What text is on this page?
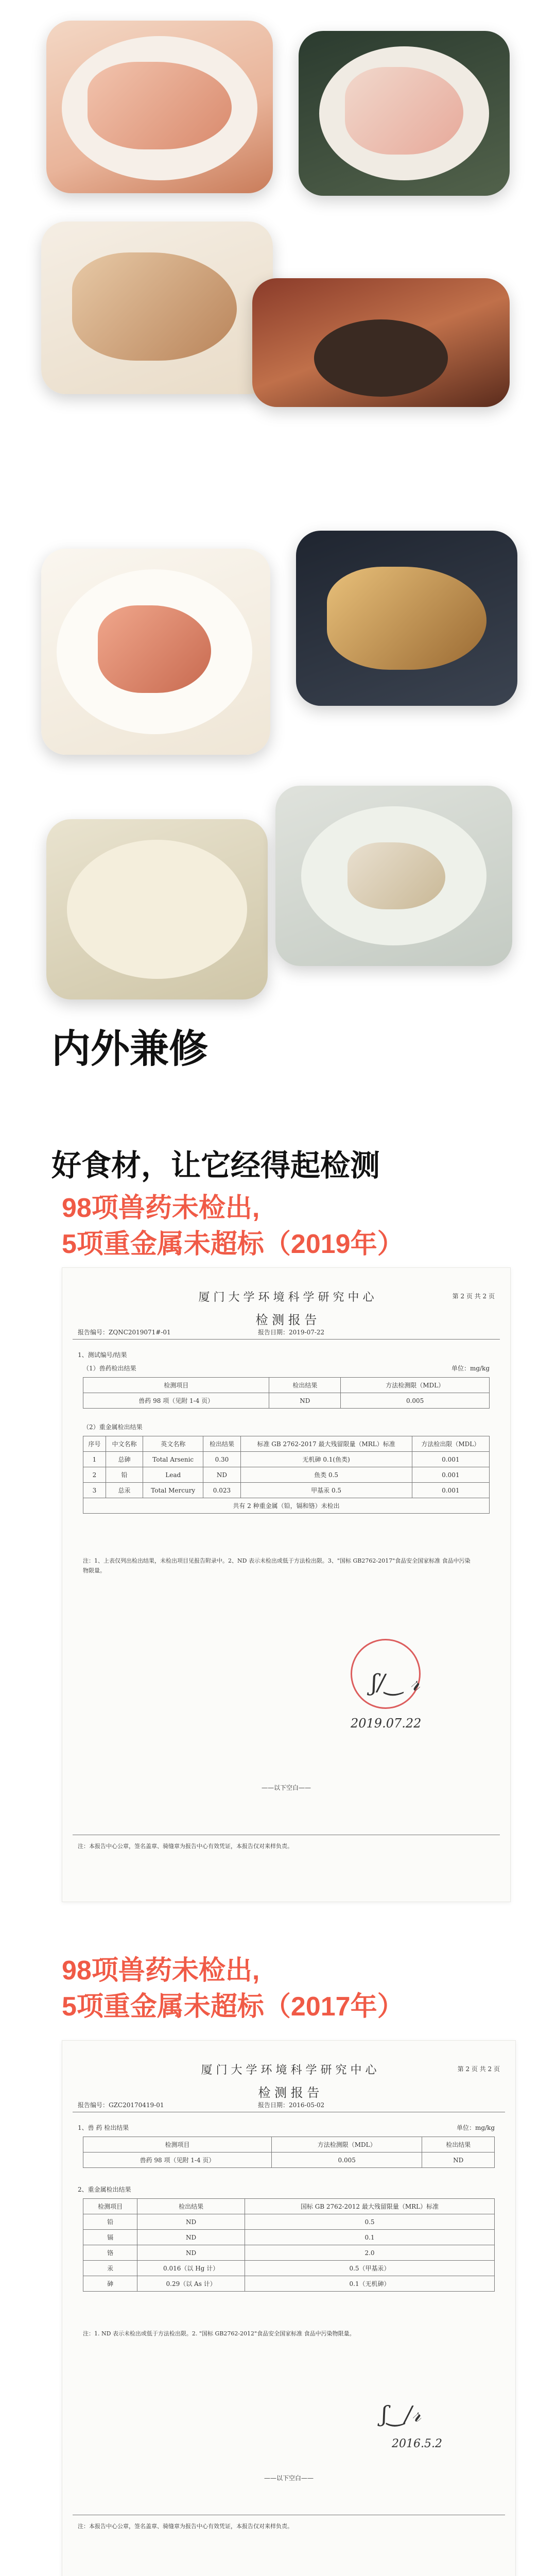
内外兼修
好食材，让它经得起检测
98项兽药未检出,
5项重金属未超标（2019年）
厦 门 大 学 环 境 科 学 研 究 中 心
检 测 报 告
第 2 页 共 2 页
报告编号：ZQNC2019071#-01	报告日期：2019-07-22
1、测试编号/结果
（1）兽药检出结果	单位：mg/kg
检测项目	检出结果	方法检测限（MDL）
兽药 98 项（见附 1-4 页）	ND	0.005
（2）重金属检出结果
序号	中文名称	英文名称	检出结果	标准 GB 2762-2017 最大残留限量（MRL）标准	方法检出限（MDL）
1	总砷	Total Arsenic	0.30	无机砷 0.1(鱼类)	0.001
2	铅	Lead	ND	鱼类 0.5	0.001
3	总汞	Total Mercury	0.023	甲基汞 0.5	0.001
共有 2 种重金属（铅，镉和铬）未检出					
注：1、上表仅列出检出结果，未检出项目见报告附录中。2、ND 表示未检出或低于方法检出限。3、"国标 GB2762-2017"食品安全国家标准 食品中污染物限量。
ʃ/‿ 𝓇
2019.07.22
——以下空白——
注：本报告中心公章，签名盖章、骑缝章为报告中心有效凭证，本报告仅对来样负责。
98项兽药未检出,
5项重金属未超标（2017年）
厦 门 大 学 环 境 科 学 研 究 中 心
检 测 报 告
第 2 页 共 2 页
报告编号：GZC20170419-01	报告日期：2016-05-02
1、兽 药 检出结果	单位：mg/kg
检测项目	方法检测限（MDL）	检出结果
兽药 98 项（见附 1-4 页）	0.005	ND
2、重金属检出结果
检测项目	检出结果	国标 GB 2762-2012 最大残留限量（MRL）标准
铅	ND	0.5
镉	ND	0.1
铬	ND	2.0
汞	0.016（以 Hg 计）	0.5（甲基汞）
砷	0.29（以 As 计）	0.1（无机砷）
注：1. ND 表示未检出或低于方法检出限。2. "国标 GB2762-2012"食品安全国家标准 食品中污染物限量。
ʃ‿/𝓇
2016.5.2
——以下空白——
注：本报告中心公章，签名盖章、骑缝章为报告中心有效凭证，本报告仅对来样负责。
